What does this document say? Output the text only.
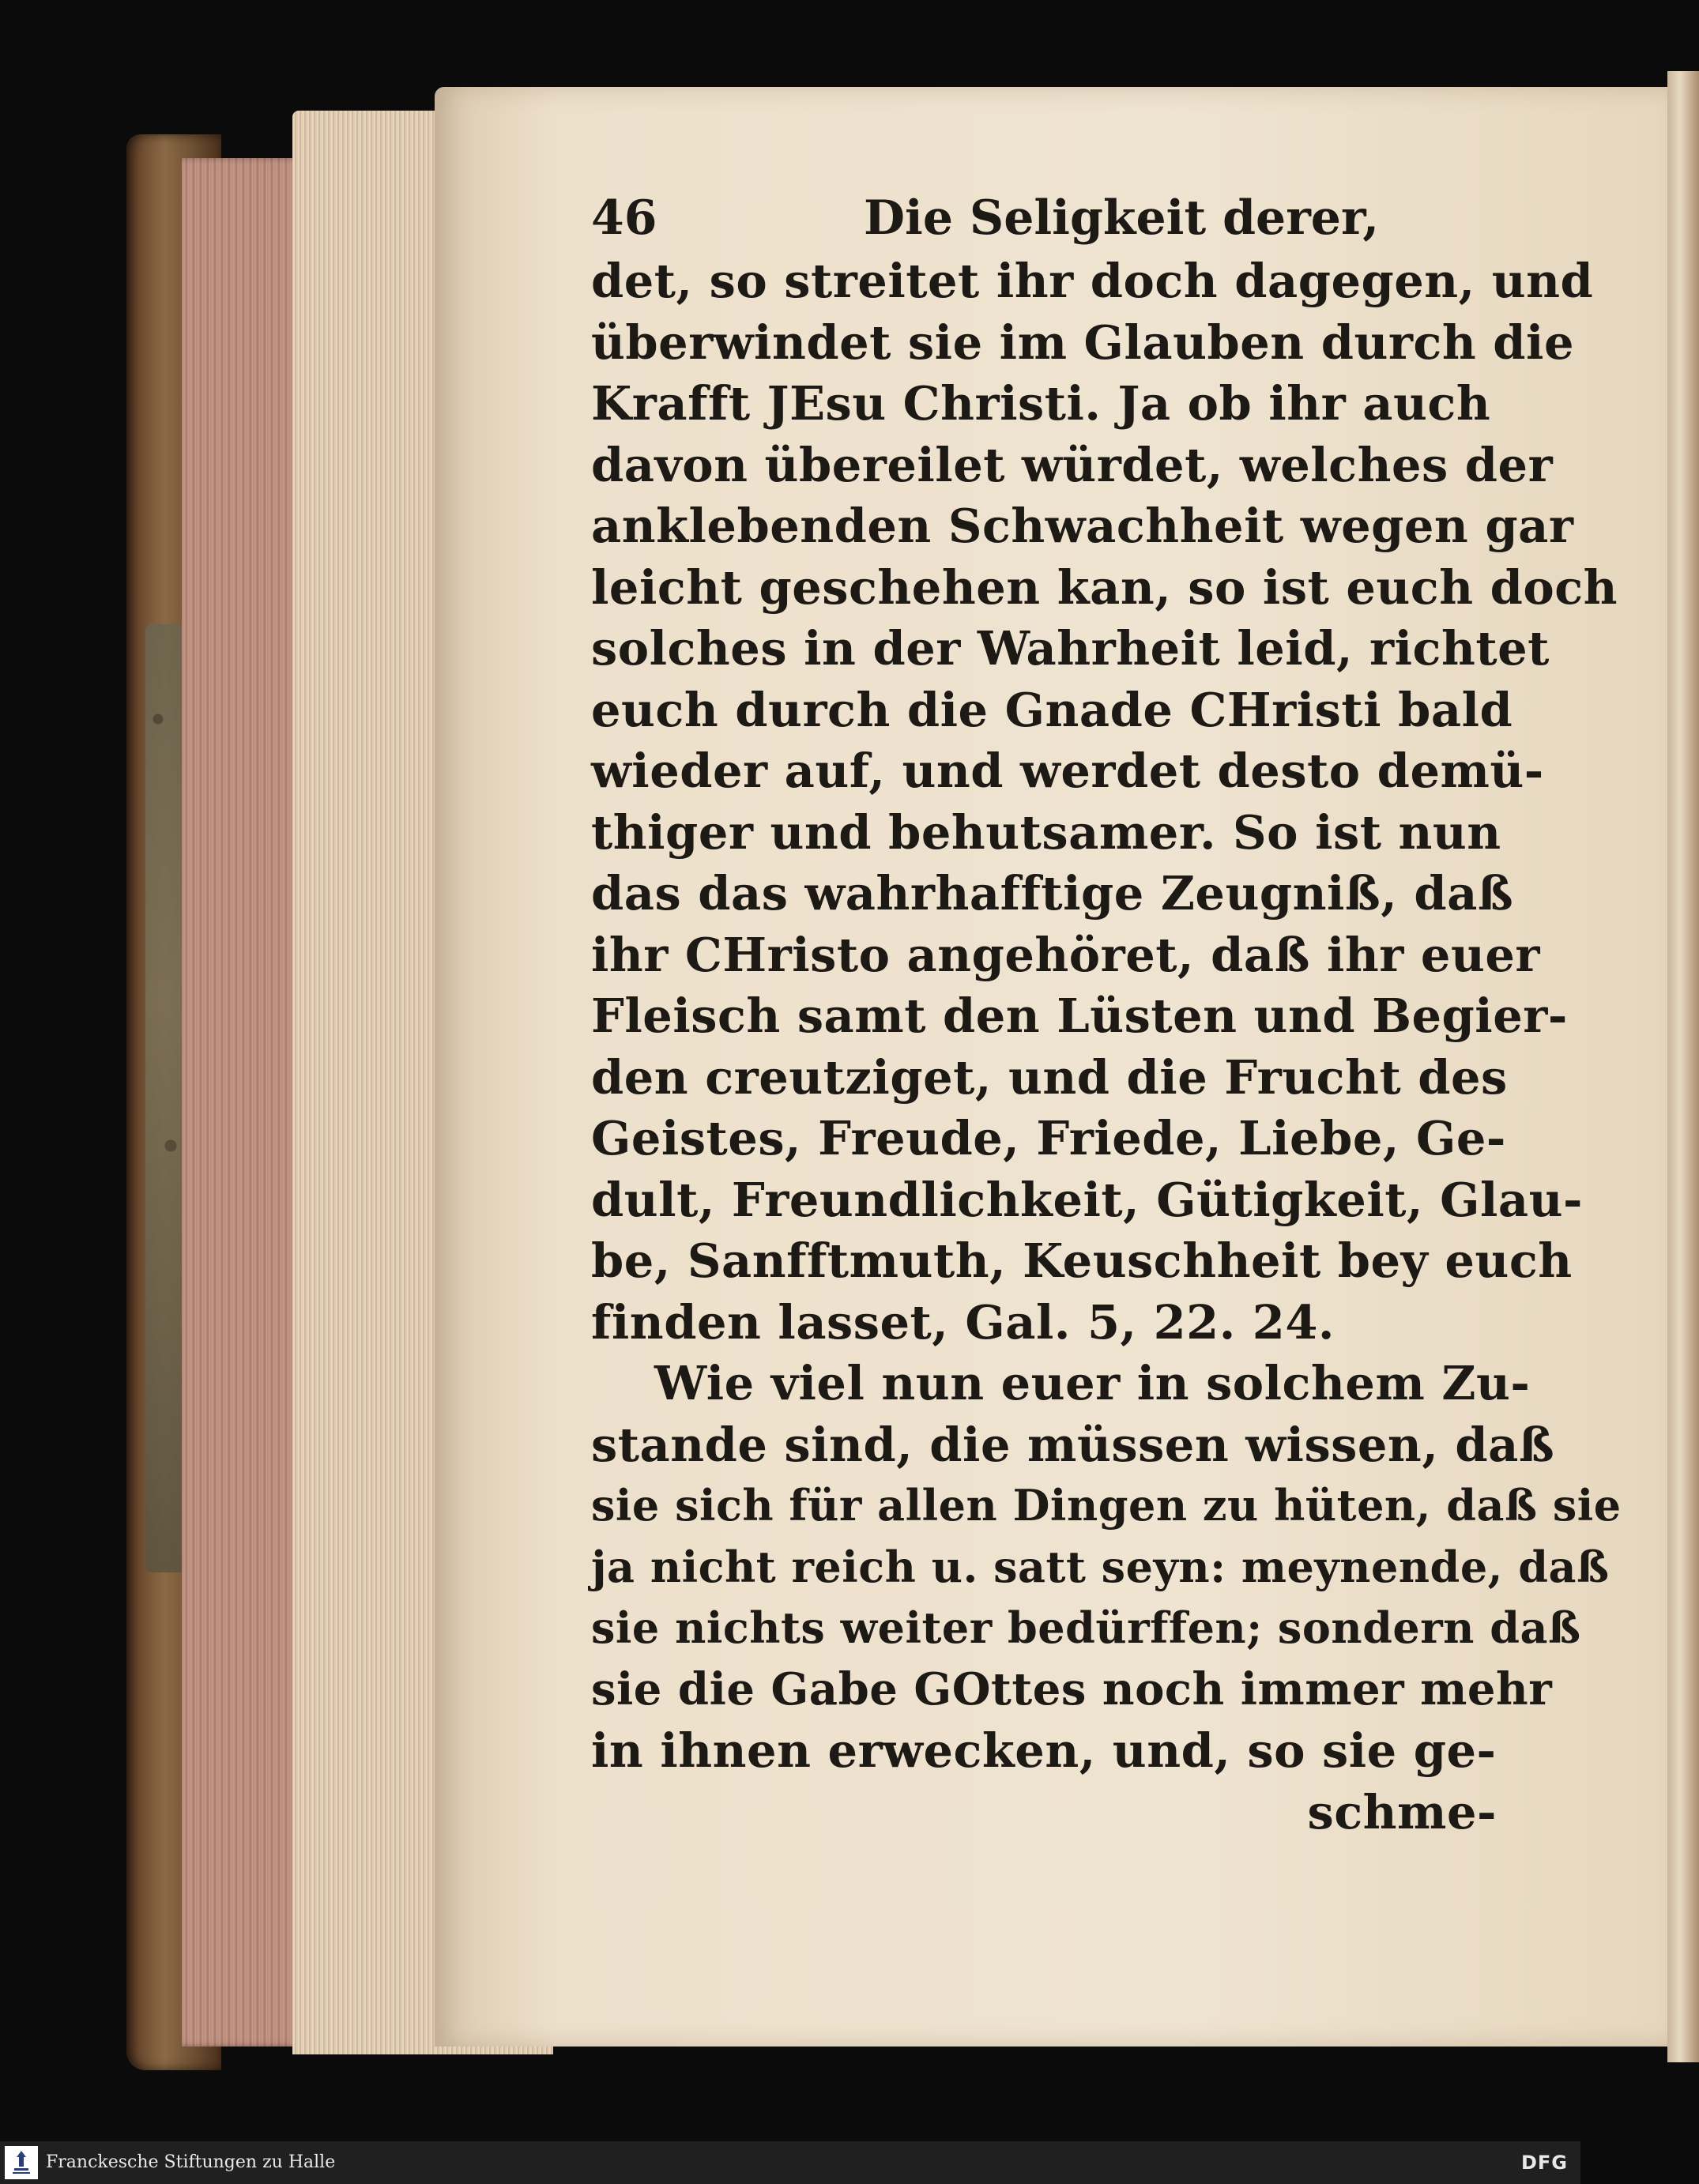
46	Die Seligkeit derer,
det, so streitet ihr doch dagegen, und
überwindet sie im Glauben durch die
Krafft JEsu Christi. Ja ob ihr auch
davon übereilet würdet, welches der
anklebenden Schwachheit wegen gar
leicht geschehen kan, so ist euch doch
solches in der Wahrheit leid, richtet
euch durch die Gnade CHristi bald
wieder auf, und werdet desto demü-
thiger und behutsamer. So ist nun
das das wahrhafftige Zeugniß, daß
ihr CHristo angehöret, daß ihr euer
Fleisch samt den Lüsten und Begier-
den creutziget, und die Frucht des
Geistes, Freude, Friede, Liebe, Ge-
dult, Freundlichkeit, Gütigkeit, Glau-
be, Sanfftmuth, Keuschheit bey euch
finden lasset, Gal. 5, 22. 24.
Wie viel nun euer in solchem Zu-
stande sind, die müssen wissen, daß
sie sich für allen Dingen zu hüten, daß sie
ja nicht reich u. satt seyn: meynende, daß
sie nichts weiter bedürffen; sondern daß
sie die Gabe GOttes noch immer mehr
in ihnen erwecken, und, so sie ge-
schme-
Franckesche Stiftungen zu Halle	DFG
